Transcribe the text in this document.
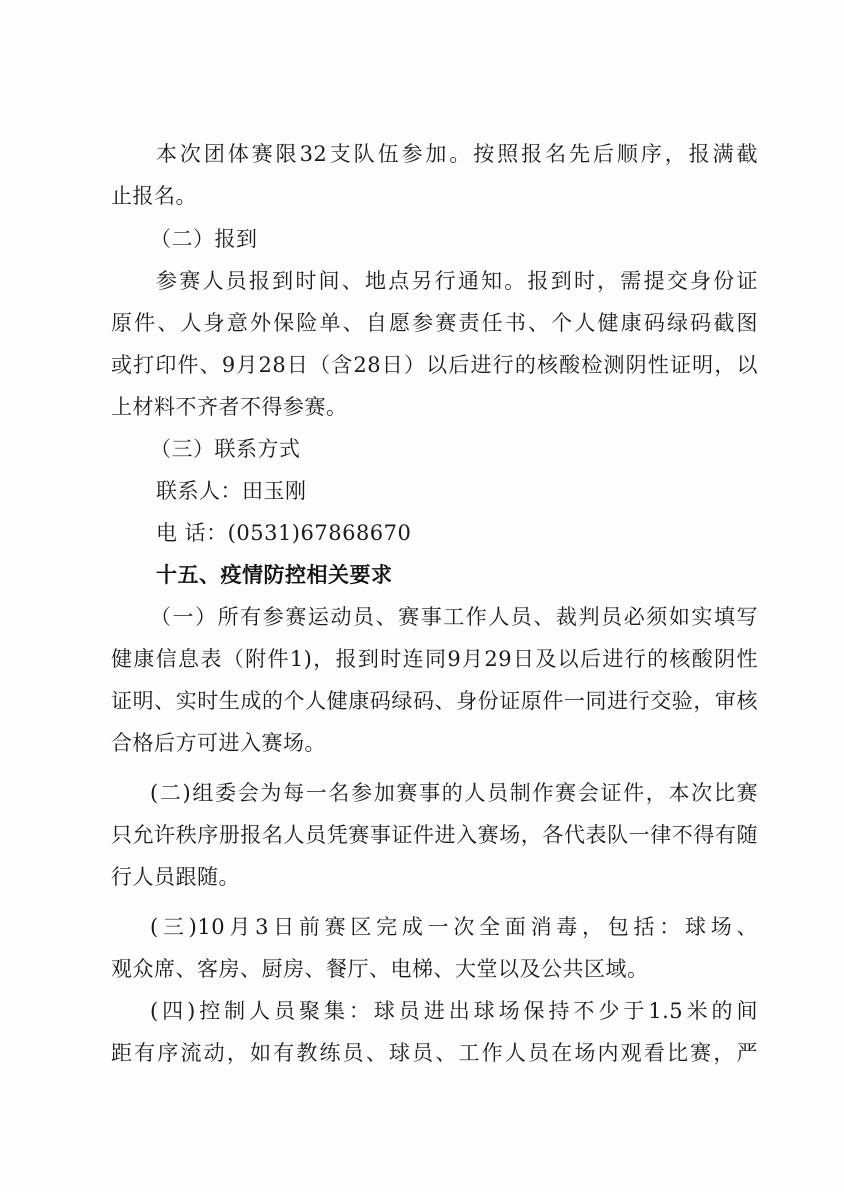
本次团体赛限32支队伍参加。按照报名先后顺序，报满截
止报名。
（二）报到
参赛人员报到时间、地点另行通知。报到时，需提交身份证
原件、人身意外保险单、自愿参赛责任书、个人健康码绿码截图
或打印件、9月28日（含28日）以后进行的核酸检测阴性证明，以
上材料不齐者不得参赛。
（三）联系方式
联系人：田玉刚
电 话：(0531)67868670
十五、疫情防控相关要求
（一）所有参赛运动员、赛事工作人员、裁判员必须如实填写
健康信息表（附件1)，报到时连同9月29日及以后进行的核酸阴性
证明、实时生成的个人健康码绿码、身份证原件一同进行交验，审核
合格后方可进入赛场。
(二)组委会为每一名参加赛事的人员制作赛会证件，本次比赛
只允许秩序册报名人员凭赛事证件进入赛场，各代表队一律不得有随
行人员跟随。
(三)10月3日前赛区完成一次全面消毒，包括：球场、
观众席、客房、厨房、餐厅、电梯、大堂以及公共区域。
(四)控制人员聚集：球员进出球场保持不少于1.5米的间
距有序流动，如有教练员、球员、工作人员在场内观看比赛，严
